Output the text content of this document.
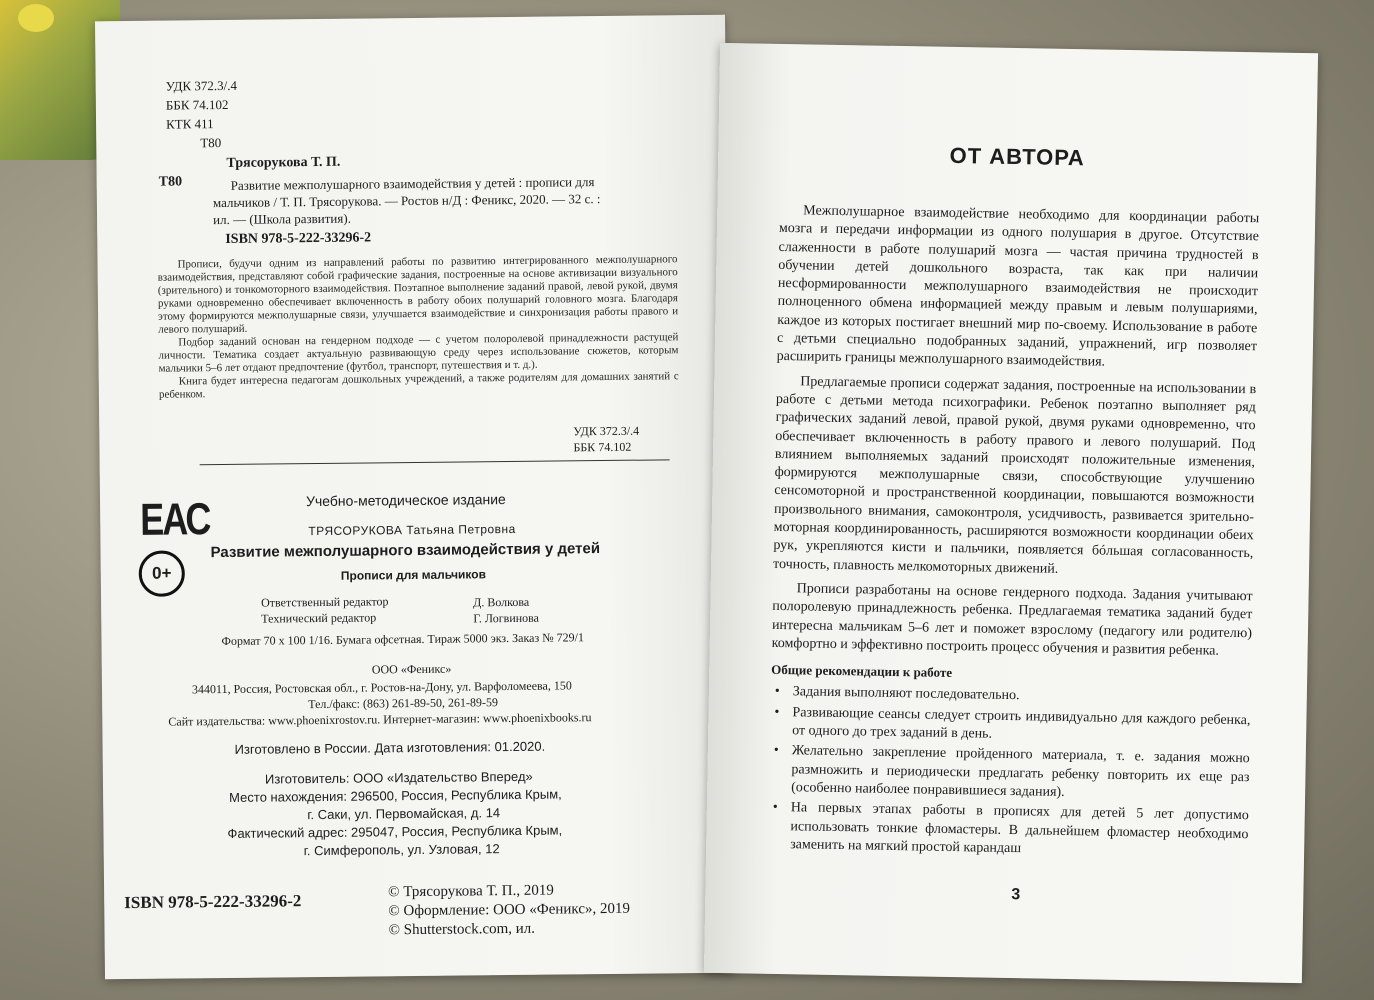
УДК 372.3/.4
ББК 74.102
КТК 411
Т80
Трясорукова Т. П.
Т80	Развитие межполушарного взаимодействия у детей : прописи для
мальчиков / Т. П. Трясорукова. — Ростов н/Д : Феникс, 2020. — 32 с. :
ил. — (Школа развития).
ISBN 978-5-222-33296-2

Прописи, будучи одним из направлений работы по развитию интегрированного межполушарного взаимодействия, представляют собой графические задания, построенные на основе активизации визуального (зрительного) и тонкомоторного взаимодействия. Поэтапное выполнение заданий правой, левой рукой, двумя руками одновременно обеспечивает включенность в работу обоих полушарий головного мозга. Благодаря этому формируются межполушарные связи, улучшается взаимодействие и синхронизация работы правого и левого полушарий.

Подбор заданий основан на гендерном подходе — с учетом полоролевой принадлежности растущей личности. Тематика создает актуальную развивающую среду через использование сюжетов, которым мальчики 5–6 лет отдают предпочтение (футбол, транспорт, путешествия и т. д.).

Книга будет интересна педагогам дошкольных учреждений, а также родителям для домашних занятий с ребенком.

УДК 372.3/.4
ББК 74.102
ЕАС
0+
Учебно-методическое издание
ТРЯСОРУКОВА Татьяна Петровна
Развитие межполушарного взаимодействия у детей
Прописи для мальчиков
Ответственный редактор	Д. Волкова
Технический редактор	Г. Логвинова
Формат 70 х 100 1/16. Бумага офсетная. Тираж 5000 экз. Заказ № 729/1
ООО «Феникс»
344011, Россия, Ростовская обл., г. Ростов-на-Дону, ул. Варфоломеева, 150
Тел./факс: (863) 261-89-50, 261-89-59
Сайт издательства: www.phoenixrostov.ru. Интернет-магазин: www.phoenixbooks.ru
Изготовлено в России. Дата изготовления: 01.2020.
Изготовитель: ООО «Издательство Вперед»
Место нахождения: 296500, Россия, Республика Крым,
г. Саки, ул. Первомайская, д. 14
Фактический адрес: 295047, Россия, Республика Крым,
г. Симферополь, ул. Узловая, 12
ISBN 978-5-222-33296-2	© Трясорукова Т. П., 2019
© Оформление: ООО «Феникс», 2019
© Shutterstock.com, ил.
ОТ АВТОРА

Межполушарное взаимодействие необходимо для координации работы мозга и передачи информации из одного полушария в другое. Отсутствие слаженности в работе полушарий мозга — частая причина трудностей в обучении детей дошкольного возраста, так как при наличии несформированности межполушарного взаимодействия не происходит полноценного обмена информацией между правым и левым полушариями, каждое из которых постигает внешний мир по-своему. Использование в работе с детьми специально подобранных заданий, упражнений, игр позволяет расширить границы межполушарного взаимодействия.

Предлагаемые прописи содержат задания, построенные на использовании в работе с детьми метода психографики. Ребенок поэтапно выполняет ряд графических заданий левой, правой рукой, двумя руками одновременно, что обеспечивает включенность в работу правого и левого полушарий. Под влиянием выполняемых заданий происходят положительные изменения, формируются межполушарные связи, способствующие улучшению сенсомоторной и пространственной координации, повышаются возможности произвольного внимания, самоконтроля, усидчивость, развивается зрительно-моторная координированность, расширяются возможности координации обеих рук, укрепляются кисти и пальчики, появляется бóльшая согласованность, точность, плавность мелкомоторных движений.

Прописи разработаны на основе гендерного подхода. Задания учитывают полоролевую принадлежность ребенка. Предлагаемая тематика заданий будет интересна мальчикам 5–6 лет и поможет взрослому (педагогу или родителю) комфортно и эффективно построить процесс обучения и развития ребенка.

Общие рекомендации к работе

• Задания выполняют последовательно.
• Развивающие сеансы следует строить индивидуально для каждого ребенка, от одного до трех заданий в день.
• Желательно закрепление пройденного материала, т. е. задания можно размножить и периодически предлагать ребенку повторить их еще раз (особенно наиболее понравившиеся задания).
• На первых этапах работы в прописях для детей 5 лет допустимо использовать тонкие фломастеры. В дальнейшем фломастер необходимо заменить на мягкий простой карандаш
3
